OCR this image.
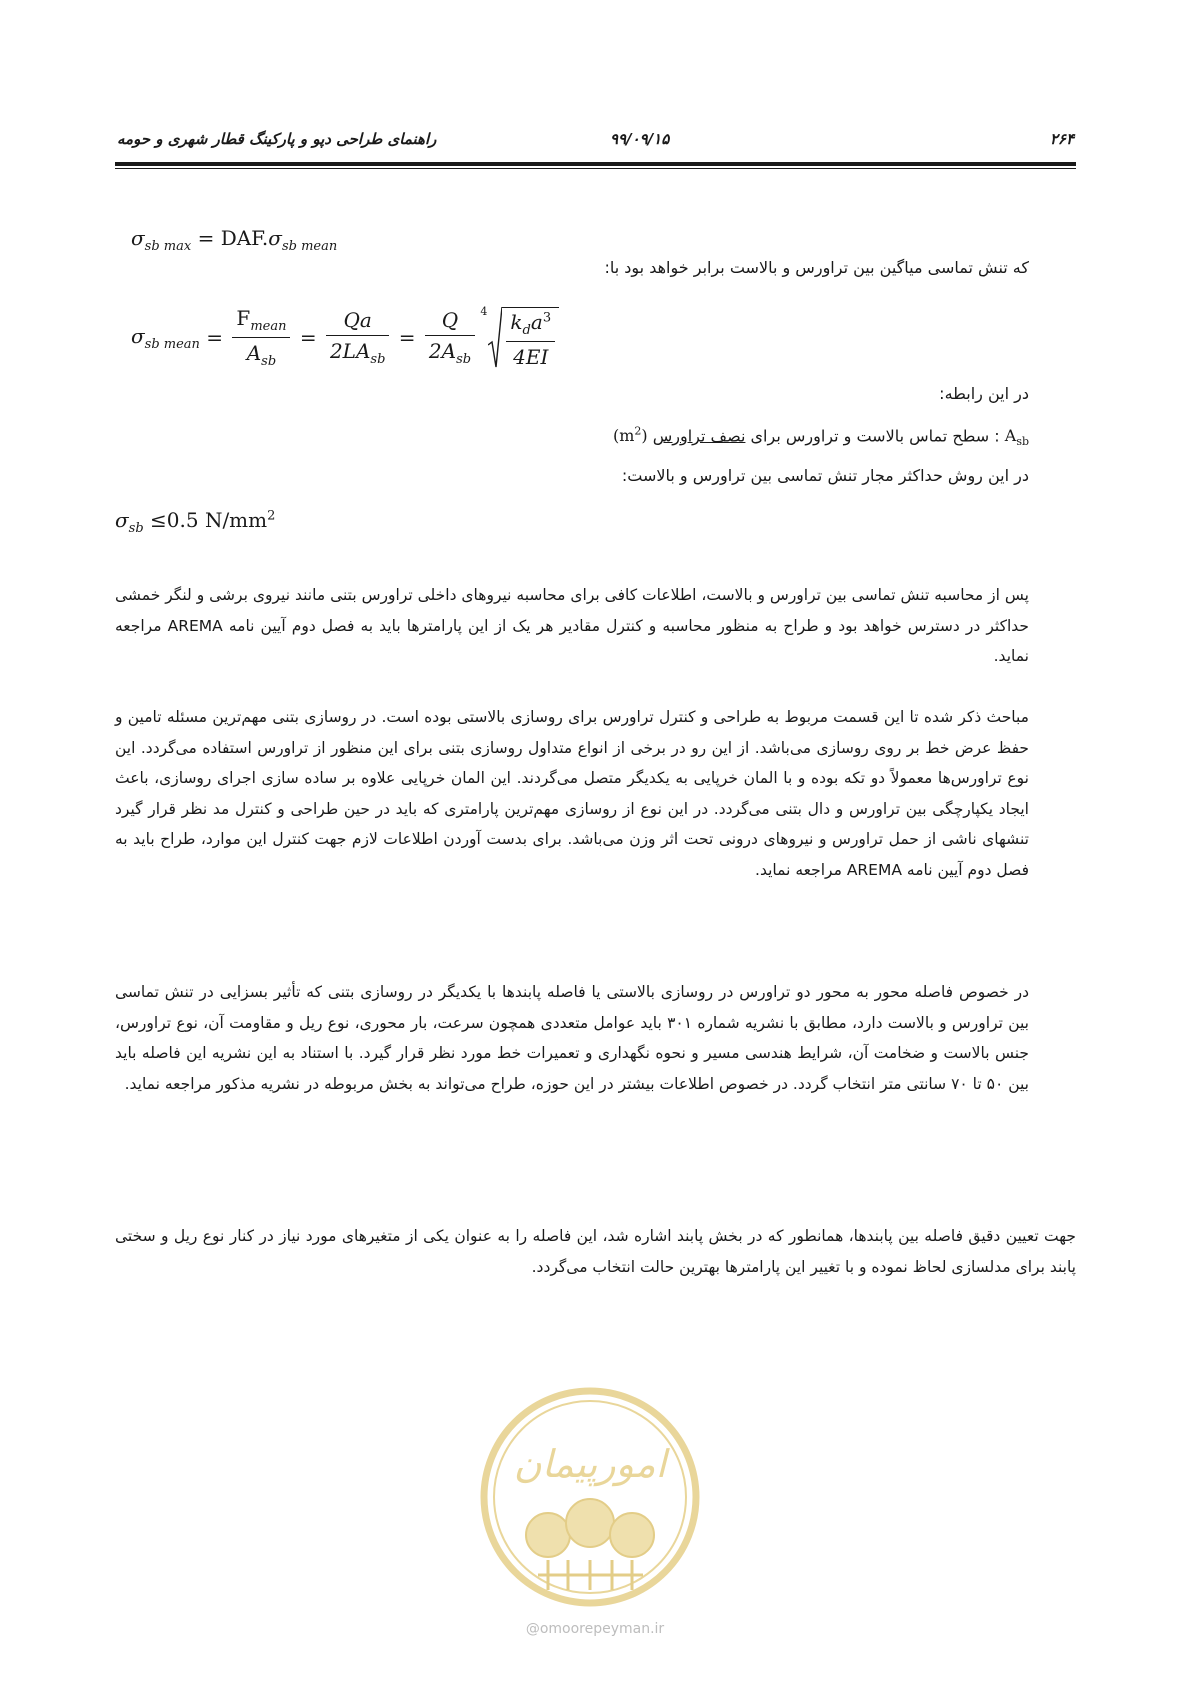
۲۶۴
۹۹/۰۹/۱۵
راهنمای طراحی دپو و پارکینگ قطار شهری و حومه
$\sigma_{sb max} = DAF.\sigma_{sb mean}$
که تنش تماسی میاگین بین تراورس و بالاست برابر خواهد بود با:
$\sigma_{sb mean} = \frac{F_{mean}}{A_{sb}} = \frac{Qa}{2LA_{sb}} = \frac{Q}{2A_{sb}}$
$4 \frac{k_da^3}{4EI}$
در این رابطه:
$A_{sb}$ : سطح تماس بالاست و تراورس برای نصف تراورس $(m^2)$
در این روش حداکثر مجار تنش تماسی بین تراورس و بالاست:
$\sigma_{sb} \le 0.5$ $N/mm^2$

پس از محاسبه تنش تماسی بین تراورس و بالاست، اطلاعات کافی برای محاسبه نیروهای داخلی تراورس بتنی مانند نیروی برشی و لنگر خمشی حداکثر در دسترس خواهد بود و طراح به منظور محاسبه و کنترل مقادیر هر یک از این پارامترها باید به فصل دوم آیین نامه AREMA مراجعه نماید.

مباحث ذکر شده تا این قسمت مربوط به طراحی و کنترل تراورس برای روسازی بالاستی بوده است. در روسازی بتنی مهم‌ترین مسئله تامین و حفظ عرض خط بر روی روسازی می‌باشد. از این رو در برخی از انواع متداول روسازی بتنی برای این منظور از تراورس استفاده می‌گردد. این نوع تراورس‌ها معمولاً دو تکه بوده و با المان خرپایی به یکدیگر متصل می‌گردند. این المان خرپایی علاوه بر ساده سازی اجرای روسازی، باعث ایجاد یکپارچگی بین تراورس و دال بتنی می‌گردد. در این نوع از روسازی مهم‌ترین پارامتری که باید در حین طراحی و کنترل مد نظر قرار گیرد تنشهای ناشی از حمل تراورس و نیروهای درونی تحت اثر وزن می‌باشد. برای بدست آوردن اطلاعات لازم جهت کنترل این موارد، طراح باید به فصل دوم آیین نامه AREMA مراجعه نماید.

در خصوص فاصله محور به محور دو تراورس در روسازی بالاستی یا فاصله پابندها با یکدیگر در روسازی بتنی که تأثیر بسزایی در تنش تماسی بین تراورس و بالاست دارد، مطابق با نشریه شماره ۳۰۱ باید عوامل متعددی همچون سرعت، بار محوری، نوع ریل و مقاومت آن، نوع تراورس، جنس بالاست و ضخامت آن، شرایط هندسی مسیر و نحوه نگهداری و تعمیرات خط مورد نظر قرار گیرد. با استناد به این نشریه این فاصله باید بین ۵۰ تا ۷۰ سانتی متر انتخاب گردد. در خصوص اطلاعات بیشتر در این حوزه، طراح می‌تواند به بخش مربوطه در نشریه مذکور مراجعه نماید.

جهت تعیین دقیق فاصله بین پابندها، همانطور که در بخش پابند اشاره شد، این فاصله را به عنوان یکی از متغیرهای مورد نیاز در کنار نوع ریل و سختی پابند برای مدلسازی لحاظ نموده و با تغییر این پارامترها بهترین حالت انتخاب می‌گردد.

امورپیمان
@omoorepeyman.ir
